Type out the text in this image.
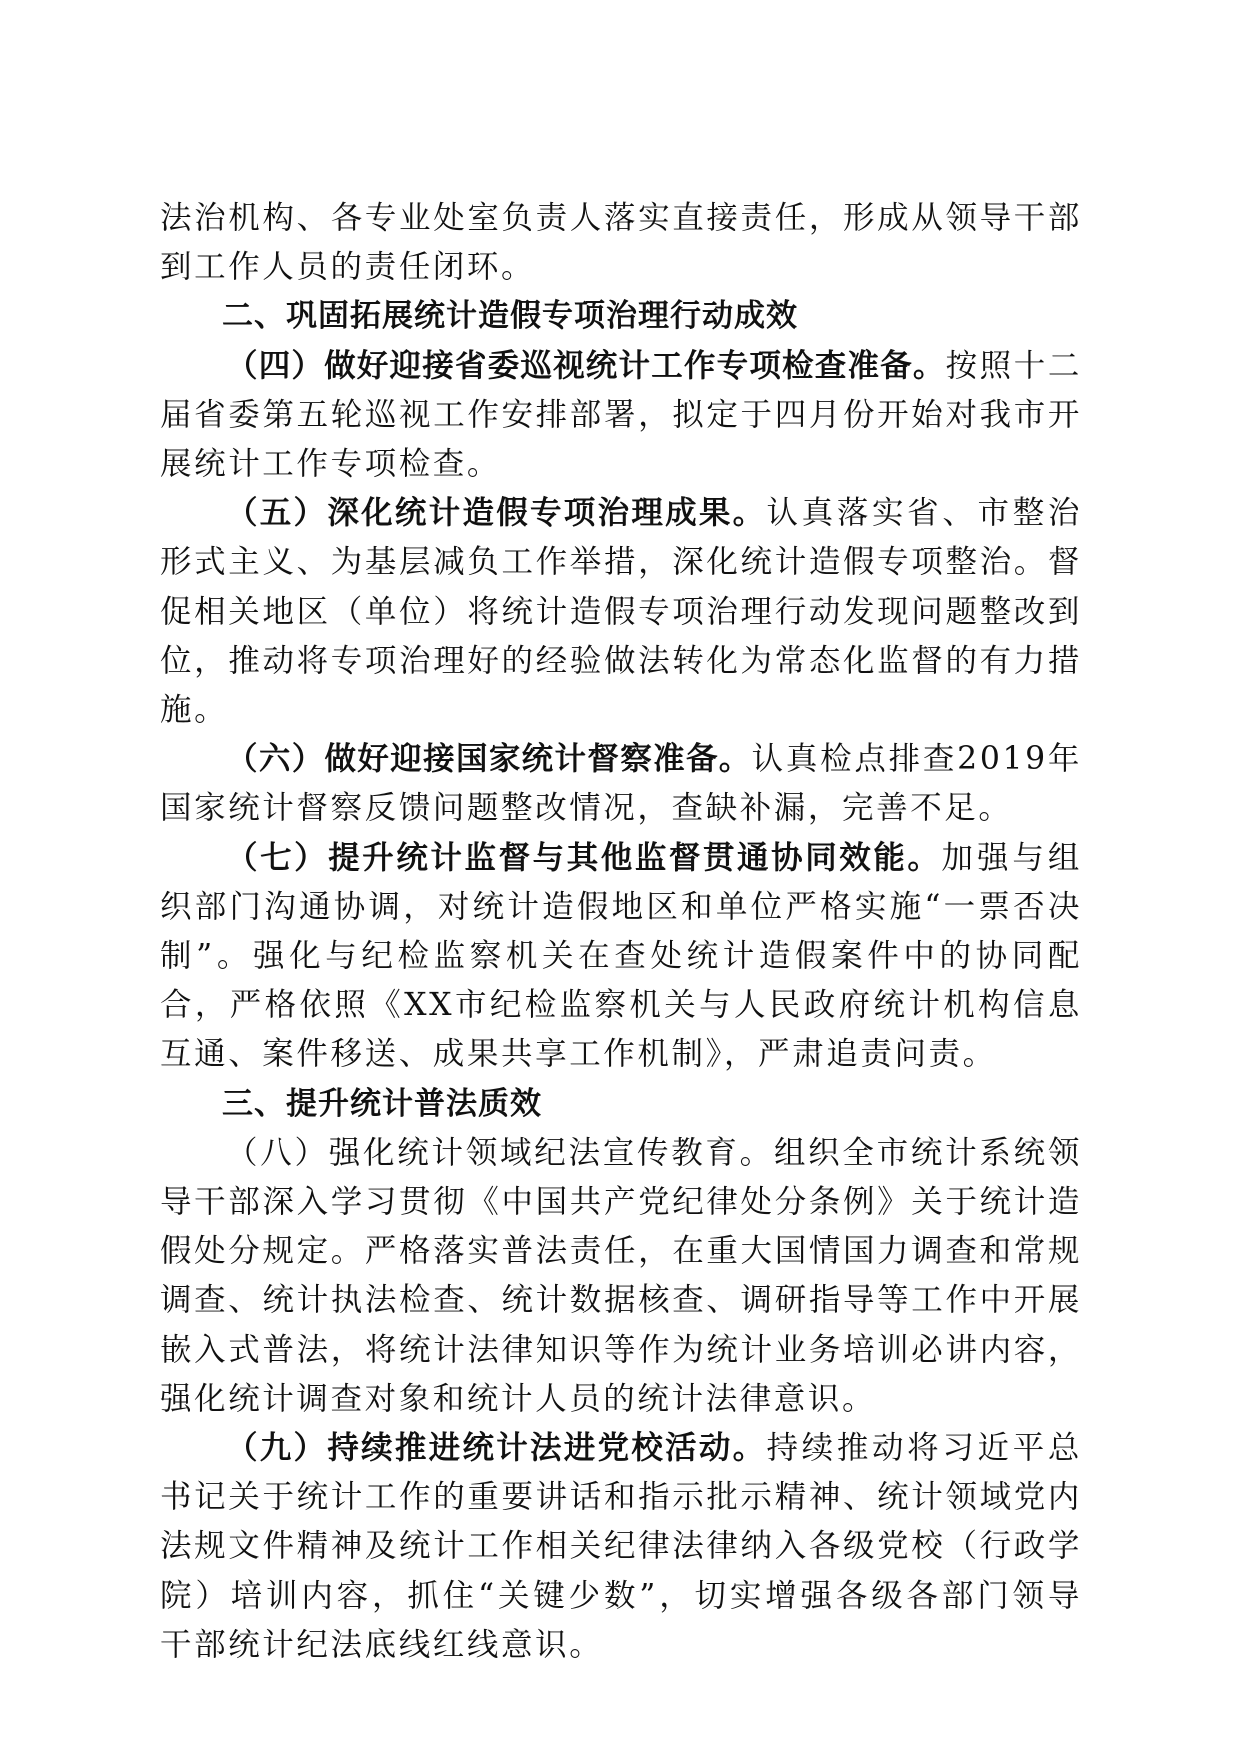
法治机构、各专业处室负责人落实直接责任，形成从领导干部到工作人员的责任闭环。

二、巩固拓展统计造假专项治理行动成效

（四）做好迎接省委巡视统计工作专项检查准备。按照十二届省委第五轮巡视工作安排部署，拟定于四月份开始对我市开展统计工作专项检查。

（五）深化统计造假专项治理成果。认真落实省、市整治形式主义、为基层减负工作举措，深化统计造假专项整治。督促相关地区（单位）将统计造假专项治理行动发现问题整改到位，推动将专项治理好的经验做法转化为常态化监督的有力措施。

（六）做好迎接国家统计督察准备。认真检点排查2019年国家统计督察反馈问题整改情况，查缺补漏，完善不足。

（七）提升统计监督与其他监督贯通协同效能。加强与组织部门沟通协调，对统计造假地区和单位严格实施“一票否决制”。强化与纪检监察机关在查处统计造假案件中的协同配合，严格依照《XX市纪检监察机关与人民政府统计机构信息互通、案件移送、成果共享工作机制》，严肃追责问责。

三、提升统计普法质效

（八）强化统计领域纪法宣传教育。组织全市统计系统领导干部深入学习贯彻《中国共产党纪律处分条例》关于统计造假处分规定。严格落实普法责任，在重大国情国力调查和常规调查、统计执法检查、统计数据核查、调研指导等工作中开展嵌入式普法，将统计法律知识等作为统计业务培训必讲内容，强化统计调查对象和统计人员的统计法律意识。

（九）持续推进统计法进党校活动。持续推动将习近平总书记关于统计工作的重要讲话和指示批示精神、统计领域党内法规文件精神及统计工作相关纪律法律纳入各级党校（行政学院）培训内容，抓住“关键少数”，切实增强各级各部门领导干部统计纪法底线红线意识。
